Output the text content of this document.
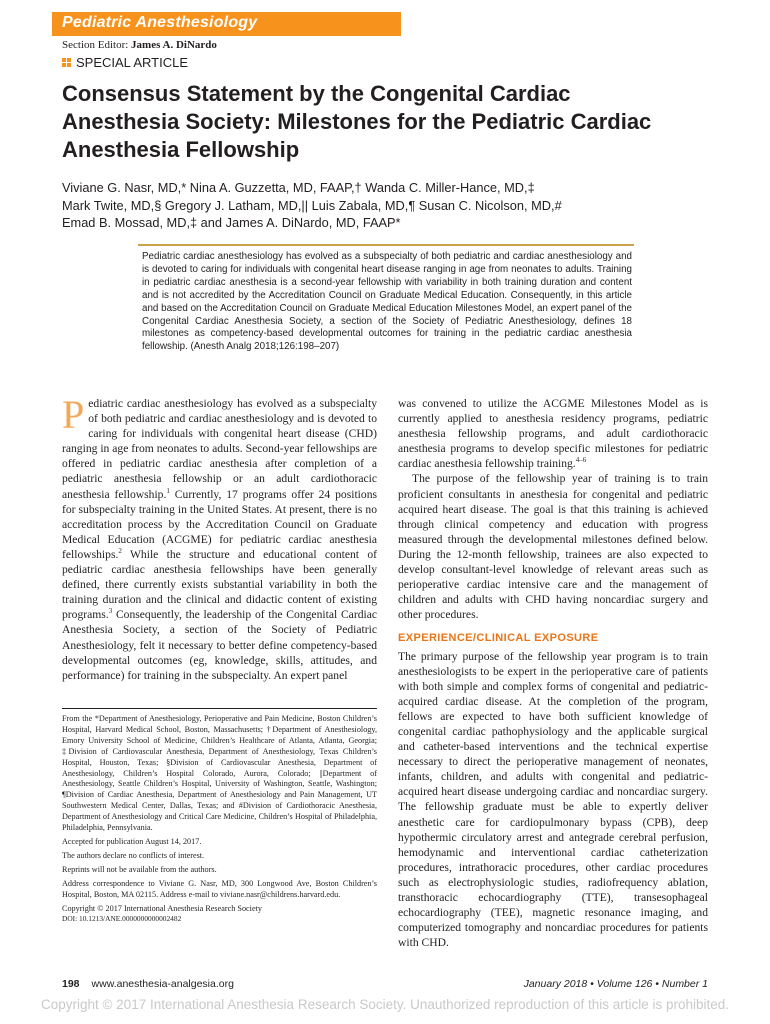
Pediatric Anesthesiology
Section Editor: James A. DiNardo
SPECIAL ARTICLE
Consensus Statement by the Congenital Cardiac Anesthesia Society: Milestones for the Pediatric Cardiac Anesthesia Fellowship
Viviane G. Nasr, MD,* Nina A. Guzzetta, MD, FAAP,† Wanda C. Miller-Hance, MD,‡
Mark Twite, MD,§ Gregory J. Latham, MD,|| Luis Zabala, MD,¶ Susan C. Nicolson, MD,#
Emad B. Mossad, MD,‡ and James A. DiNardo, MD, FAAP*
Pediatric cardiac anesthesiology has evolved as a subspecialty of both pediatric and cardiac anesthesiology and is devoted to caring for individuals with congenital heart disease ranging in age from neonates to adults. Training in pediatric cardiac anesthesia is a second-year fellowship with variability in both training duration and content and is not accredited by the Accreditation Council on Graduate Medical Education. Consequently, in this article and based on the Accreditation Council on Graduate Medical Education Milestones Model, an expert panel of the Congenital Cardiac Anesthesia Society, a section of the Society of Pediatric Anesthesiology, defines 18 milestones as competency-based developmental outcomes for training in the pediatric cardiac anesthesia fellowship. (Anesth Analg 2018;126:198–207)

Pediatric cardiac anesthesiology has evolved as a subspecialty of both pediatric and cardiac anesthesiology and is devoted to caring for individuals with congenital heart disease (CHD) ranging in age from neonates to adults. Second-year fellowships are offered in pediatric cardiac anesthesia after completion of a pediatric anesthesia fellowship or an adult cardiothoracic anesthesia fellowship.$^1$ Currently, 17 programs offer 24 positions for subspecialty training in the United States. At present, there is no accreditation process by the Accreditation Council on Graduate Medical Education (ACGME) for pediatric cardiac anesthesia fellowships.$^2$ While the structure and educational content of pediatric cardiac anesthesia fellowships have been generally defined, there currently exists substantial variability in both the training duration and the clinical and didactic content of existing programs.$^3$ Consequently, the leadership of the Congenital Cardiac Anesthesia Society, a section of the Society of Pediatric Anesthesiology, felt it necessary to better define competency-based developmental outcomes (eg, knowledge, skills, attitudes, and performance) for training in the subspecialty. An expert panel

From the *Department of Anesthesiology, Perioperative and Pain Medicine, Boston Children’s Hospital, Harvard Medical School, Boston, Massachusetts; †Department of Anesthesiology, Emory University School of Medicine, Children’s Healthcare of Atlanta, Atlanta, Georgia; ‡Division of Cardiovascular Anesthesia, Department of Anesthesiology, Texas Children’s Hospital, Houston, Texas; §Division of Cardiovascular Anesthesia, Department of Anesthesiology, Children’s Hospital Colorado, Aurora, Colorado; ||Department of Anesthesiology, Seattle Children’s Hospital, University of Washington, Seattle, Washington; ¶Division of Cardiac Anesthesia, Department of Anesthesiology and Pain Management, UT Southwestern Medical Center, Dallas, Texas; and #Division of Cardiothoracic Anesthesia, Department of Anesthesiology and Critical Care Medicine, Children’s Hospital of Philadelphia, Philadelphia, Pennsylvania.

Accepted for publication August 14, 2017.

The authors declare no conflicts of interest.

Reprints will not be available from the authors.

Address correspondence to Viviane G. Nasr, MD, 300 Longwood Ave, Boston Children’s Hospital, Boston, MA 02115. Address e-mail to viviane.nasr@childrens.harvard.edu.

Copyright © 2017 International Anesthesia Research Society

DOI: 10.1213/ANE.0000000000002482

was convened to utilize the ACGME Milestones Model as is currently applied to anesthesia residency programs, pediatric anesthesia fellowship programs, and adult cardiothoracic anesthesia programs to develop specific milestones for pediatric cardiac anesthesia fellowship training.$^{4-6}$

The purpose of the fellowship year of training is to train proficient consultants in anesthesia for congenital and pediatric acquired heart disease. The goal is that this training is achieved through clinical competency and education with progress measured through the developmental milestones defined below. During the 12-month fellowship, trainees are also expected to develop consultant-level knowledge of relevant areas such as perioperative cardiac intensive care and the management of children and adults with CHD having noncardiac surgery and other procedures.

EXPERIENCE/CLINICAL EXPOSURE

The primary purpose of the fellowship year program is to train anesthesiologists to be expert in the perioperative care of patients with both simple and complex forms of congenital and pediatric-acquired cardiac disease. At the completion of the program, fellows are expected to have both sufficient knowledge of congenital cardiac pathophysiology and the applicable surgical and catheter-based interventions and the technical expertise necessary to direct the perioperative management of neonates, infants, children, and adults with congenital and pediatric-acquired heart disease undergoing cardiac and noncardiac surgery. The fellowship graduate must be able to expertly deliver anesthetic care for cardiopulmonary bypass (CPB), deep hypothermic circulatory arrest and antegrade cerebral perfusion, hemodynamic and interventional cardiac catheterization procedures, intrathoracic procedures, other cardiac procedures such as electrophysiologic studies, radiofrequency ablation, transthoracic echocardiography (TTE), transesophageal echocardiography (TEE), magnetic resonance imaging, and computerized tomography and noncardiac procedures for patients with CHD.

198 www.anesthesia-analgesia.org	January 2018 • Volume 126 • Number 1
Copyright © 2017 International Anesthesia Research Society. Unauthorized reproduction of this article is prohibited.
